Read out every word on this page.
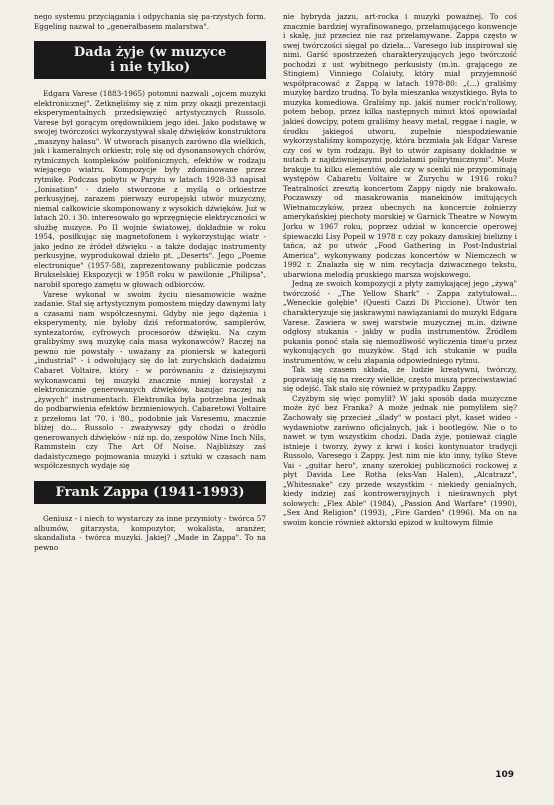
nego systemu przyciągania i odpychania się pa-rzystych form. Eggeling nazwał to „generałbasem malarstwa".

Dada żyje (w muzyce
i nie tylko)

Edgara Varese (1883-1965) potomni nazwali „ojcem muzyki elektronicznej". Zetknęliśmy się z nim przy okazji prezentacji eksperymentalnych przedsięwzięć artystycznych Russolo. Varese był gorącym orędownikiem jego idei. Jako podstawę w swojej twórczości wykorzystywał skalę dźwięków konstruktora „maszyny hałasu". W utworach pisanych zarówno dla wielkich, jak i kameralnych orkiestr, rolę się od dysonansowych chórów, rytmicznych kompleksów polifonicznych, efektów w rodzaju wiejącego wiatru. Kompozycje były zdominowane przez rytmikę. Podczas pobytu w Paryżu w latach 1928-33 napisał „Ionisation" - dzieło stworzone z myślą o orkiestrze perkusyjnej, zarazem pierwszy europejski utwór muzyczny, niemal całkowicie skomponowany z wysokich dźwięków. Już w latach 20. i 30. interesowało go wprzęgnięcie elektryczności w służbę muzyce. Po II wojnie światowej, dokładnie w roku 1954, posiłkując się magnetofonem i wykorzystując wiatr - jako jedno ze źródeł dźwięku - a także dodając instrumenty perkusyjne, wyprodukował dzieło pt. „Deserts". Jego „Poeme electronique" (1957-58), zaprezentowany publicznie podczas Brukselskiej Ekspozycji w 1958 roku w pawilonie „Philipsa", narobił sporego zamętu w głowach odbiorców.

Varese wykonał w swoim życiu niesamowicie ważne zadanie. Stał się artystycznym pomostem między dawnymi laty a czasami nam współczesnymi. Gdyby nie jego dążenia i eksperymenty, nie byłoby dziś reformatorów, samplerów, syntezatorów, cyfrowych procesorów dźwięku. Na czym gralibyśmy swą muzykę cała masa wykonawców? Raczej na pewno nie powstały - uważany za pioniersk w kategorii „industrial" - i odwołujący się do lat zurychskich dadaizmu Cabaret Voltaire, który - w porównaniu z dzisiejszymi wykonawcami tej muzyki znacznie mniej korzystał z elektronicznie generowanych dźwięków, bazując raczej na „żywych" instrumentach. Elektronika była potrzebna jednak do podbarwienia efektów brzmieniowych. Cabaretowi Voltaire z przełomu lat '70. i '80., podobnie jak Varesemu, znacznie bliżej do... Russolo - zważywszy gdy chodzi o źródło generowanych dźwięków - niż np. do, zespołów Nine Inch Nils, Rammstein czy The Art Of Noise. Najbliższy zaś dadaistycznego pojmowania muzyki i sztuki w czasach nam współczesnych wydaje się

Frank Zappa (1941-1993)

Geniusz - i niech to wystarczy za inne przymioty - twórca 57 albumów, gitarzysta, kompozytor, wokalista, aranżer, skandalista - twórca muzyki. Jakiej? „Made in Zappa". To na pewno

nie hybryda jazzu, art-rocka i muzyki poważnej. To coś znacznie bardziej wyrafinowanego, przełamującego konwencje i skalę, już przeciez nie raz przełamywane. Zappa często w swej twórczości sięgał po dzieła... Varesego lub inspirował się nimi. Garść spostrzeżeń charakteryzujących jego twórczość pochodzi z ust wybitnego perkusisty (m.in. grającego ze Stingiem) Vinniego Colaiuty, który miał przyjemność współpracować z Zappą w latach 1978-80: „(...) graliśmy muzykę bardzo trudną. To była mieszanka wszystkiego. Była to muzyka komediowa. Graliśmy np. jakiś numer rock'n'rollowy, potem bebop, przez kilka następnych minut ktoś opowiadał jakieś dowcipy, potem graliśmy heavy metal, reggae i nagle, w środku jakiegoś utworu, zupełnie niespodziewanie wykorzystaliśmy kompozycję, która brzmiała jak Edgar Varese czy coś w tym rodzaju. Był to utwór zapisany dokładnie w nutach z najdziwniejszymi podziałami polirytmicznymi". Może brakuje tu kilku elementów, ale czy w scenki nie przypominają występów Cabaretu Voltaire w Zurychu w 1916 roku? Teatralności zresztą koncertom Zappy nigdy nie brakowało. Poczawszy od masakrowania manekinów imitujących Wietnamczyków, przez obecnych na koncercie żołnierzy amerykańskiej piechoty morskiej w Garnick Theatre w Nowym Jorku w 1967 roku, poprzez udział w koncercie operowej śpiewaczki Lisy Popeil w 1978 r. czy pokazy damskiej bielizny i tańca, aż po utwór „Food Gathering in Post-Industrial America", wykonywany podczas koncertów w Niemczech w 1992 r. Znalazła się w nim recytacja dziwacznego tekstu, ubarwiona melodią pruskiego marsza wojskowego.

Jedną ze swoich kompozycji z płyty zamykającej jego „żywą" twórczość - „The Yellow Shark" - Zappa zatytułował...„Weneckie gołębie" (Questi Cazzi Di Piccione). Utwór ten charakteryzuje się jaskrawymi nawiązaniami do muzyki Edgara Varese. Zawiera w swej warstwie muzycznej m.in. dziwne odgłosy stukania - jakby w pudła instrumentów. Źródłem pukania ponoć stała się niemożliwość wyliczenia time'u przez wykonujących go muzyków. Stąd ich stukanie w pudła instrumentów, w celu złapania odpowiedniego rytmu.

Tak się czasem składa, że ludzie kreatywni, twórczy, poprawiają się na rzeczy wielkie, często muszą przeciwstawiać się odejść. Tak stało się również w przypadku Zappy.

Czyżbym się więc pomylił? W jaki sposób dada muzyczne może żyć bez Franka? A może jednak nie pomyliłem się? Zachowały się przecież „ślady" w postaci płyt, kaset wideo - wydawniotw zarówno oficjalnych, jak i bootlegów. Nie o to nawet w tym wszystkim chodzi. Dada żyje, ponieważ ciągle istnieje i tworzy, żywy z krwi i kości kontynuator tradycji Russolo, Varesego i Zappy. Jest nim nie kto inny, tylko Steve Vai - „guitar hero", znany szerokiej publiczności rockowej z płyt Davida Lee Rotha (eks-Van Halen), „Alcatrazz", „Whitesnake" czy przede wszystkim - niekiedy genialnych, kiedy indziej zaś kontrowersyjnych i nieśrawnych płyt solowych: „Flex Able" (1984), „Passion And Warfare" (1990), „Sex And Religion" (1993), „Fire Garden" (1996). Ma on na swoim koncie również aktorski epizod w kultowym filmie

109
